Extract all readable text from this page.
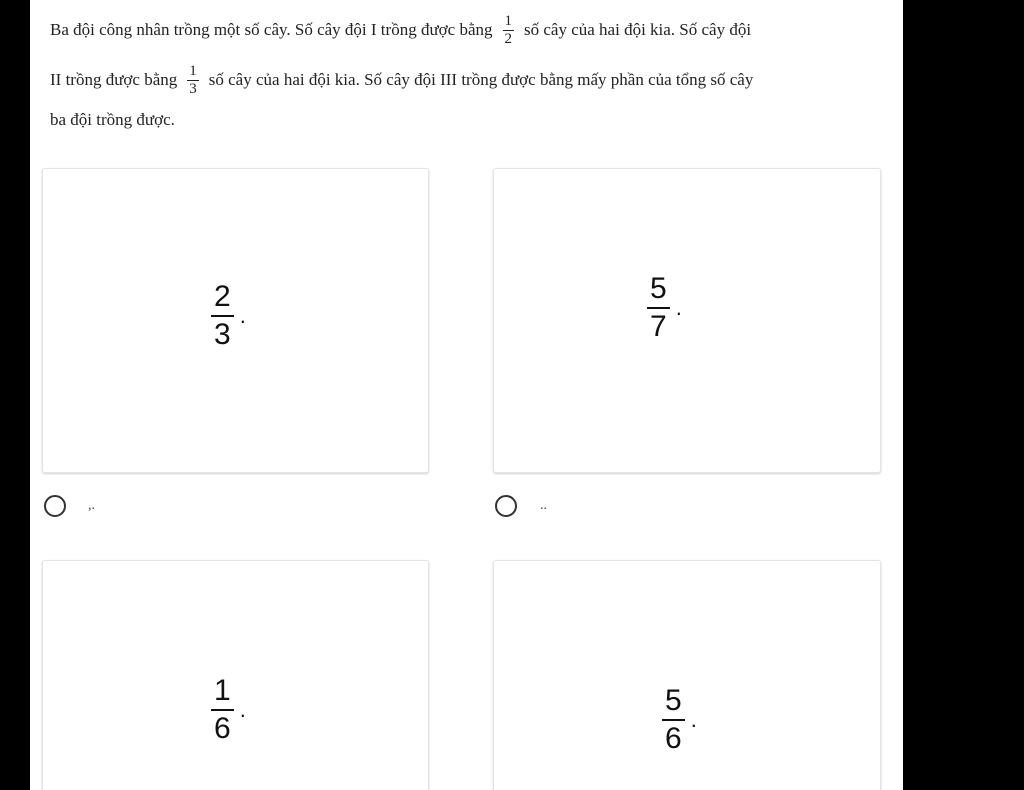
Ba đội công nhân trồng một số cây. Số cây đội I trồng được bằng $\frac{1}{2}$ số cây của hai đội kia. Số cây đội
II trồng được bằng $\frac{1}{3}$ số cây của hai đội kia. Số cây đội III trồng được bằng mấy phần của tổng số cây
ba đội trồng được.
$\frac{2}{3}$ .	$\frac{5}{7}$ .
,.	..
$\frac{1}{6}$ .	$\frac{5}{6}$ .
